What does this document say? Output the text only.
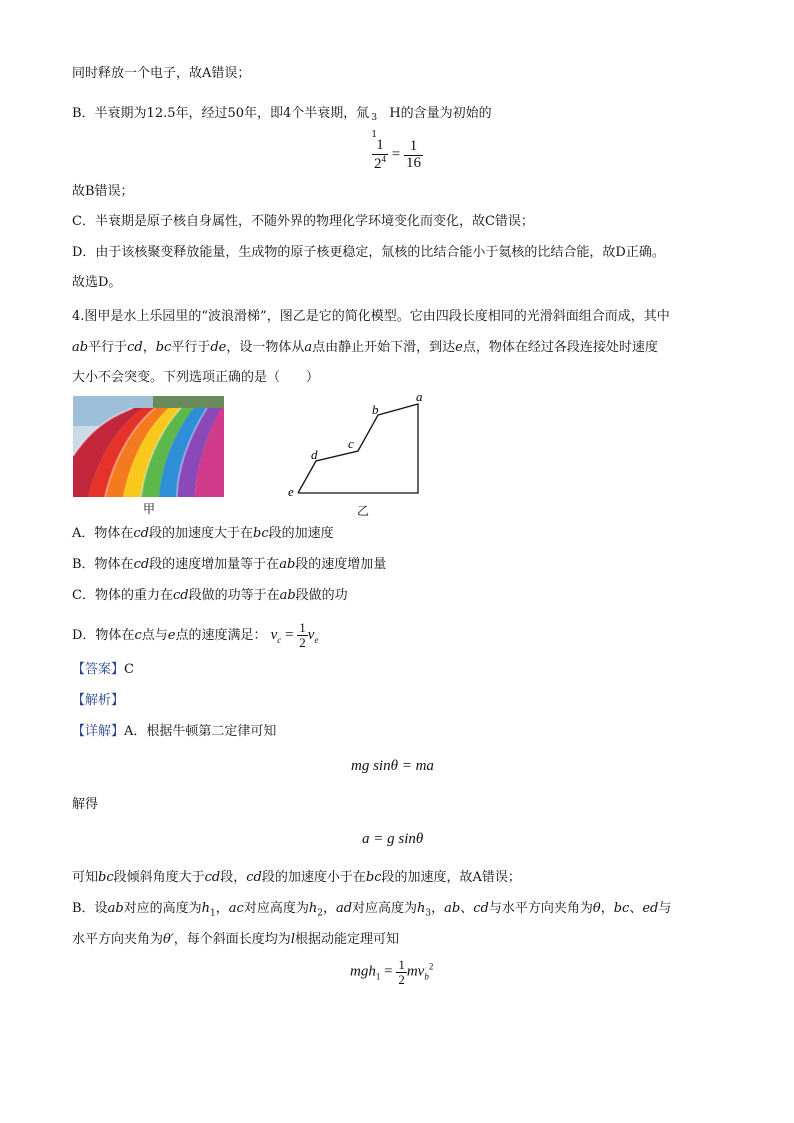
同时释放一个电子，故A错误；
B．半衰期为12.5年，经过50年，即4个半衰期，氚 3
1
H的含量为初始的
$\frac{1}{2^4} = \frac{1}{16}$
故B错误；
C．半衰期是原子核自身属性，不随外界的物理化学环境变化而变化，故C错误；
D．由于该核聚变释放能量，生成物的原子核更稳定，氚核的比结合能小于氦核的比结合能，故D正确。
故选D。
4.图甲是水上乐园里的“波浪滑梯”，图乙是它的简化模型。它由四段长度相同的光滑斜面组合而成，其中
ab平行于cd，bc平行于de，设一物体从a点由静止开始下滑，到达e点，物体在经过各段连接处时速度
大小不会突变。下列选项正确的是（　　）
a
b
c
d
e
甲	乙
A．物体在cd段的加速度大于在bc段的加速度
B．物体在cd段的速度增加量等于在ab段的速度增加量
C．物体的重力在cd段做的功等于在ab段做的功
D．物体在c点与e点的速度满足： $v_c = \frac{1}{2} v_e$
【答案】C
【解析】
【详解】A．根据牛顿第二定律可知
mg sinθ = ma
解得
a = g sinθ
可知bc段倾斜角度大于cd段，cd段的加速度小于在bc段的加速度，故A错误；
B．设ab对应的高度为$h_1$，ac对应高度为$h_2$，ad对应高度为$h_3$，ab、cd与水平方向夹角为θ，bc、ed与
水平方向夹角为θ′，每个斜面长度均为l根据动能定理可知
$mgh_1 = \frac{1}{2} mv_b^2$
